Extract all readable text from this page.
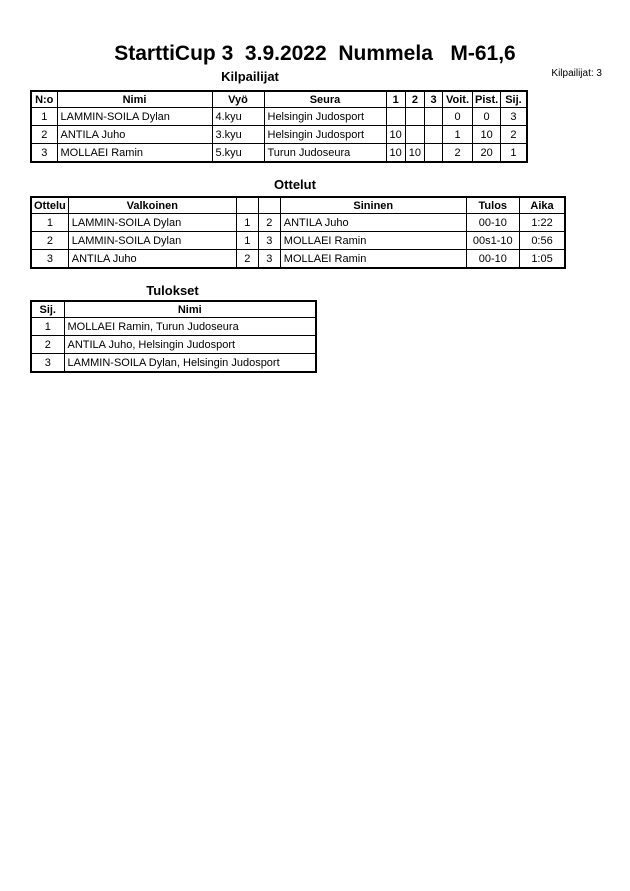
StarttiCup 3  3.9.2022  Nummela   M-61,6
Kilpailijat: 3
Kilpailijat
N:o	Nimi	Vyö	Seura	1	2	3	Voit.	Pist.	Sij.
1	LAMMIN-SOILA Dylan	4.kyu	Helsingin Judosport				0	0	3
2	ANTILA Juho	3.kyu	Helsingin Judosport	10			1	10	2
3	MOLLAEI Ramin	5.kyu	Turun Judoseura	10	10		2	20	1
Ottelut
Ottelu	Valkoinen			Sininen	Tulos	Aika
1	LAMMIN-SOILA Dylan	1	2	ANTILA Juho	00-10	1:22
2	LAMMIN-SOILA Dylan	1	3	MOLLAEI Ramin	00s1-10	0:56
3	ANTILA Juho	2	3	MOLLAEI Ramin	00-10	1:05
Tulokset
Sij.	Nimi
1	MOLLAEI Ramin, Turun Judoseura
2	ANTILA Juho, Helsingin Judosport
3	LAMMIN-SOILA Dylan, Helsingin Judosport
